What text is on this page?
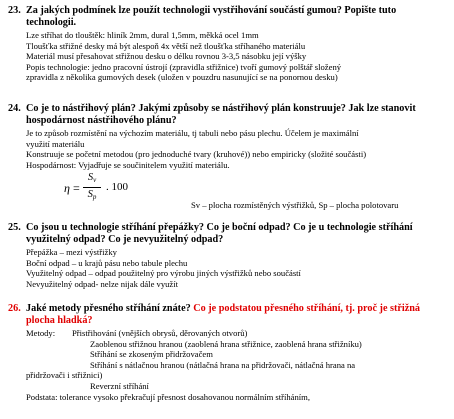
23. Za jakých podmínek lze použít technologii vystřihování součástí gumou? Popište tuto technologii.
Lze stříhat do tlouštěk: hliník 2mm, dural 1,5mm, měkká ocel 1mm
Tloušťka střižné desky má být alespoň 4x větší než tloušťka stříhaného materiálu
Materiál musí přesahovat střižnou desku o délku rovnou 3-3,5 násobku její výšky
Popis technologie: jedno pracovní ústrojí (zpravidla střižnice) tvoří gumový polštář složený
zpravidla z několika gumových desek (uložen v pouzdru nasunující se na ponornou desku)
24. Co je to nástřihový plán? Jakými způsoby se nástřihový plán konstruuje? Jak lze stanovit hospodárnost nástřihového plánu?
Je to způsob rozmístění na výchozím materiálu, tj tabuli nebo pásu plechu. Účelem je maximální
využití materiálu
Konstruuje se početní metodou (pro jednoduché tvary (kruhové)) nebo empiricky (složité součásti)
Hospodárnost: Vyjadřuje se součinitelem využití materiálu.
η =
Sv
Sp
. 100
Sv – plocha rozmístěných výstřižků, Sp – plocha polotovaru
25. Co jsou u technologie stříhání přepážky? Co je boční odpad? Co je u technologie stříhání využitelný odpad? Co je nevyužitelný odpad?
Přepážka – mezi výstřižky
Boční odpad – u krajů pásu nebo tabule plechu
Využitelný odpad – odpad použitelný pro výrobu jiných výstřižků nebo součástí
Nevyužitelný odpad- nelze nijak dále využít
26. Jaké metody přesného stříhání znáte? Co je podstatou přesného stříhání, tj. proč je střižná plocha hladká?
Metody:	Přistřihování (vnějších obrysů, děrovaných otvorů)
Zaoblenou střižnou hranou (zaoblená hrana střižnice, zaoblená hrana střižníku)
Stříhání se zkoseným přidržovačem
Stříhání s nátlačnou hranou (nátlačná hrana na přidržovači, nátlačná hrana na
přidržovači i střižnici)
Reverzní stříhání
Podstata: tolerance vysoko překračují přesnost dosahovanou normálním stříháním,
